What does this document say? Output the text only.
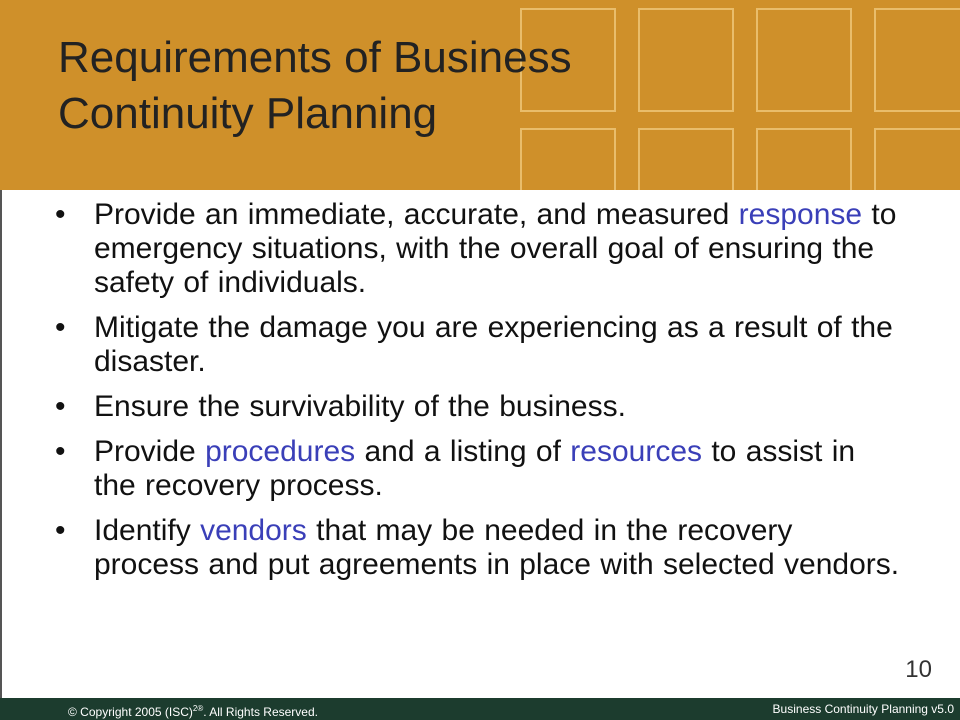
Requirements of Business Continuity Planning
• Provide an immediate, accurate, and measured response to emergency situations, with the overall goal of ensuring the safety of individuals.
• Mitigate the damage you are experiencing as a result of the disaster.
• Ensure the survivability of the business.
• Provide procedures and a listing of resources to assist in the recovery process.
• Identify vendors that may be needed in the recovery process and put agreements in place with selected vendors.
10
© Copyright 2005 (ISC)$^{2®}$. All Rights Reserved.	Business Continuity Planning v5.0
